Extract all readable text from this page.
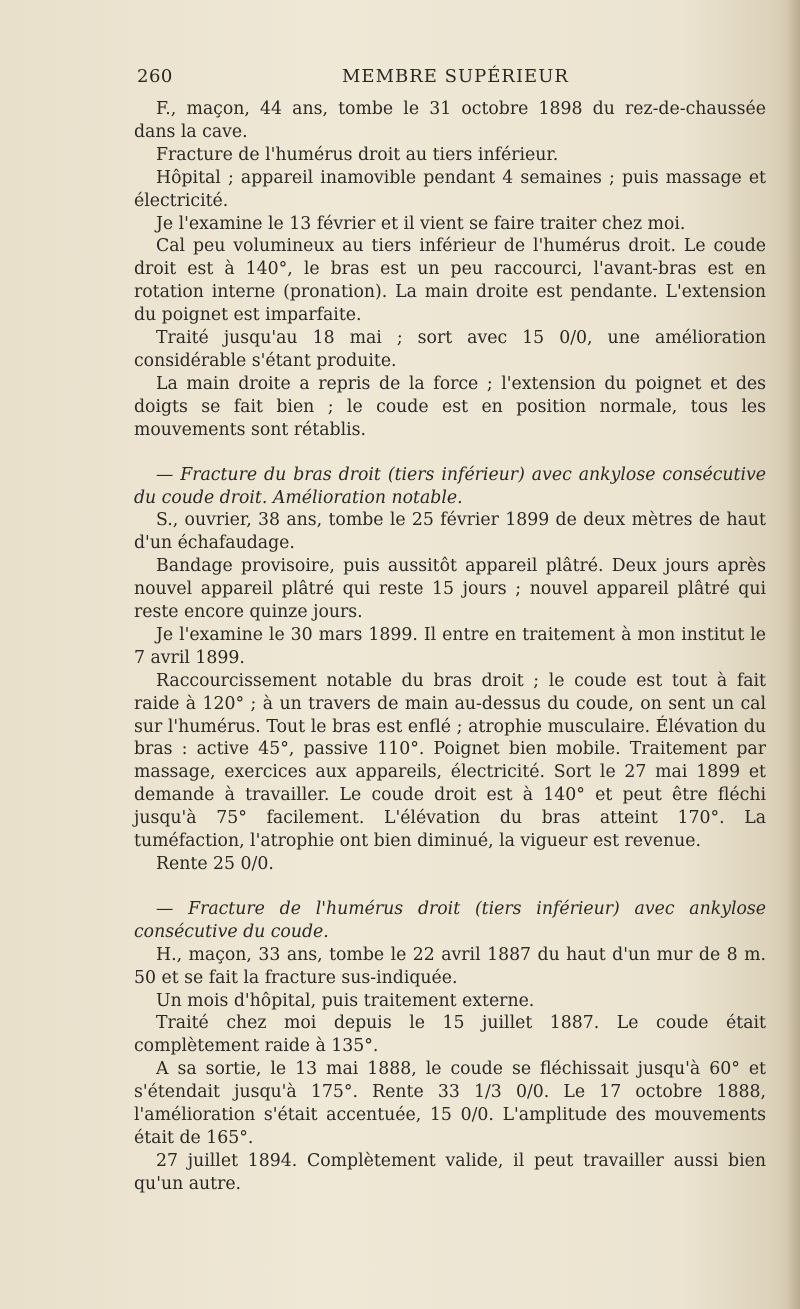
260	MEMBRE SUPÉRIEUR

F., maçon, 44 ans, tombe le 31 octobre 1898 du rez-de-chaussée dans la cave.

Fracture de l'humérus droit au tiers inférieur.

Hôpital ; appareil inamovible pendant 4 semaines ; puis massage et électricité.

Je l'examine le 13 février et il vient se faire traiter chez moi.

Cal peu volumineux au tiers inférieur de l'humérus droit. Le coude droit est à 140°, le bras est un peu raccourci, l'avant-bras est en rotation interne (pronation). La main droite est pendante. L'extension du poignet est imparfaite.

Traité jusqu'au 18 mai ; sort avec 15 0/0, une amélioration considérable s'étant produite.

La main droite a repris de la force ; l'extension du poignet et des doigts se fait bien ; le coude est en position normale, tous les mouvements sont rétablis.

— Fracture du bras droit (tiers inférieur) avec ankylose consécutive du coude droit. Amélioration notable.

S., ouvrier, 38 ans, tombe le 25 février 1899 de deux mètres de haut d'un échafaudage.

Bandage provisoire, puis aussitôt appareil plâtré. Deux jours après nouvel appareil plâtré qui reste 15 jours ; nouvel appareil plâtré qui reste encore quinze jours.

Je l'examine le 30 mars 1899. Il entre en traitement à mon institut le 7 avril 1899.

Raccourcissement notable du bras droit ; le coude est tout à fait raide à 120° ; à un travers de main au-dessus du coude, on sent un cal sur l'humérus. Tout le bras est enflé ; atrophie musculaire. Élévation du bras : active 45°, passive 110°. Poignet bien mobile. Traitement par massage, exercices aux appareils, électricité. Sort le 27 mai 1899 et demande à travailler. Le coude droit est à 140° et peut être fléchi jusqu'à 75° facilement. L'élévation du bras atteint 170°. La tuméfaction, l'atrophie ont bien diminué, la vigueur est revenue.

Rente 25 0/0.

— Fracture de l'humérus droit (tiers inférieur) avec ankylose consécutive du coude.

H., maçon, 33 ans, tombe le 22 avril 1887 du haut d'un mur de 8 m. 50 et se fait la fracture sus-indiquée.

Un mois d'hôpital, puis traitement externe.

Traité chez moi depuis le 15 juillet 1887. Le coude était complètement raide à 135°.

A sa sortie, le 13 mai 1888, le coude se fléchissait jusqu'à 60° et s'étendait jusqu'à 175°. Rente 33 1/3 0/0. Le 17 octobre 1888, l'amélioration s'était accentuée, 15 0/0. L'amplitude des mouvements était de 165°.

27 juillet 1894. Complètement valide, il peut travailler aussi bien qu'un autre.
